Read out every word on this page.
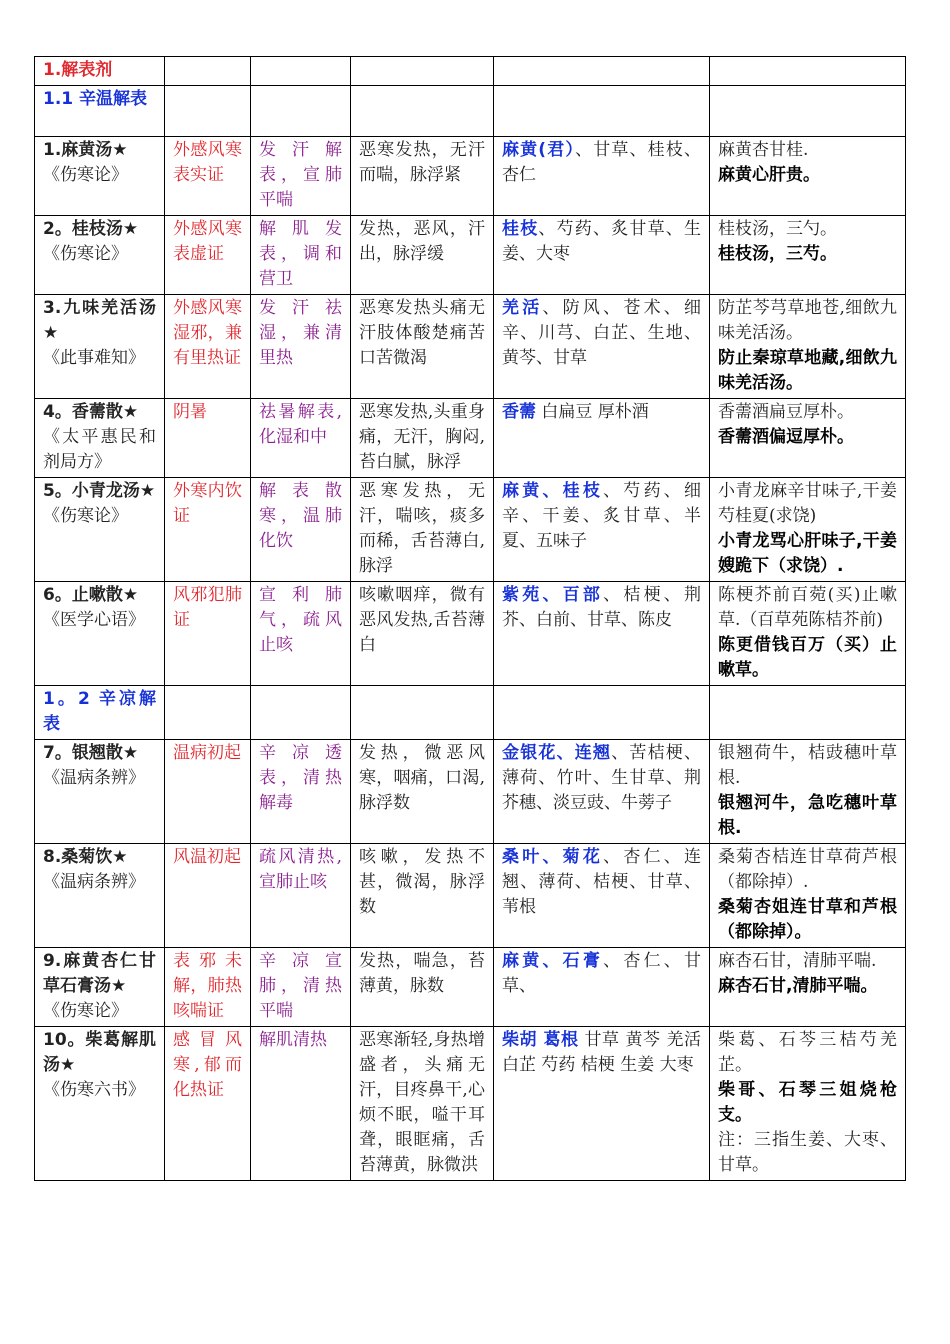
1.解表剂					
1.1 辛温解表					
1.麻黄汤★
《伤寒论》	外感风寒表实证	发汗解表，宣肺平喘	恶寒发热，无汗而喘，脉浮紧	麻黄(君）、甘草、桂枝、杏仁	麻黄杏甘桂.
麻黄心肝贵。

2。桂枝汤★
《伤寒论》	外感风寒表虚证	解肌发表，调和营卫	发热，恶风，汗出，脉浮缓	桂枝、芍药、炙甘草、生姜、大枣	桂枝汤，三勺。
桂枝汤，三芍。

3.九味羌活汤★
《此事难知》	外感风寒湿邪，兼有里热证	发汗祛湿，兼清里热	恶寒发热头痛无汗肢体酸楚痛苦口苦微渴	羌活、防风、苍术、细辛、川芎、白芷、生地、黄芩、甘草	防芷芩芎草地苍,细飲九味羌活汤。
防止秦琼草地藏,细飲九味羌活汤。

4。香薷散★
《太平惠民和剂局方》	阴暑	祛暑解表,化湿和中	恶寒发热,头重身痛，无汗，胸闷,苔白腻，脉浮	香薷 白扁豆 厚朴酒	香薷酒扁豆厚朴。
香薷酒偏逗厚朴。

5。小青龙汤★
《伤寒论》	外寒内饮证	解表散寒，温肺化饮	恶寒发热，无汗，喘咳，痰多而稀，舌苔薄白,脉浮	麻黄、桂枝、芍药、细辛、干姜、炙甘草、半夏、五味子	小青龙麻辛甘味子,干姜芍桂夏(求饶)
小青龙骂心肝味子,干姜嫂跪下（求饶）.

6。止嗽散★
《医学心语》	风邪犯肺证	宣利肺气，疏风止咳	咳嗽咽痒，微有恶风发热,舌苔薄白	紫苑、百部、桔梗、荆芥、白前、甘草、陈皮	陈梗芥前百菀(买)止嗽草.（百草苑陈桔芥前)
陈更借钱百万（买）止嗽草。

1。2 辛凉解表					
7。银翘散★
《温病条辨》	温病初起	辛凉透表，清热解毒	发热，微恶风寒，咽痛，口渴,脉浮数	金银花、连翘、苦桔梗、薄荷、竹叶、生甘草、荆芥穗、淡豆豉、牛蒡子	银翘荷牛，桔豉穗叶草根.
银翘河牛，急吃穗叶草根.

8.桑菊饮★
《温病条辨》	风温初起	疏风清热,宣肺止咳	咳嗽，发热不甚，微渴，脉浮数	桑叶、菊花、杏仁、连翘、薄荷、桔梗、甘草、苇根	桑菊杏桔连甘草荷芦根（都除掉）.
桑菊杏姐连甘草和芦根（都除掉）。

9.麻黄杏仁甘草石膏汤★
《伤寒论》	表邪未解，肺热咳喘证	辛凉宣肺，清热平喘	发热，喘急，苔薄黄，脉数	麻黄、石膏、杏仁、甘草、	麻杏石甘，清肺平喘.
麻杏石甘,清肺平喘。

10。柴葛解肌汤★
《伤寒六书》	感冒风寒,郁而化热证	解肌清热	恶寒渐轻,身热增盛者，头痛无汗，目疼鼻干,心烦不眠，嗌干耳聋，眼眶痛，舌苔薄黄，脉微洪	柴胡 葛根 甘草 黄芩 羌活 白芷 芍药 桔梗 生姜 大枣	柴葛、石芩三桔芍羌芷。
柴哥、石琴三姐烧枪支。
注：三指生姜、大枣、甘草。
